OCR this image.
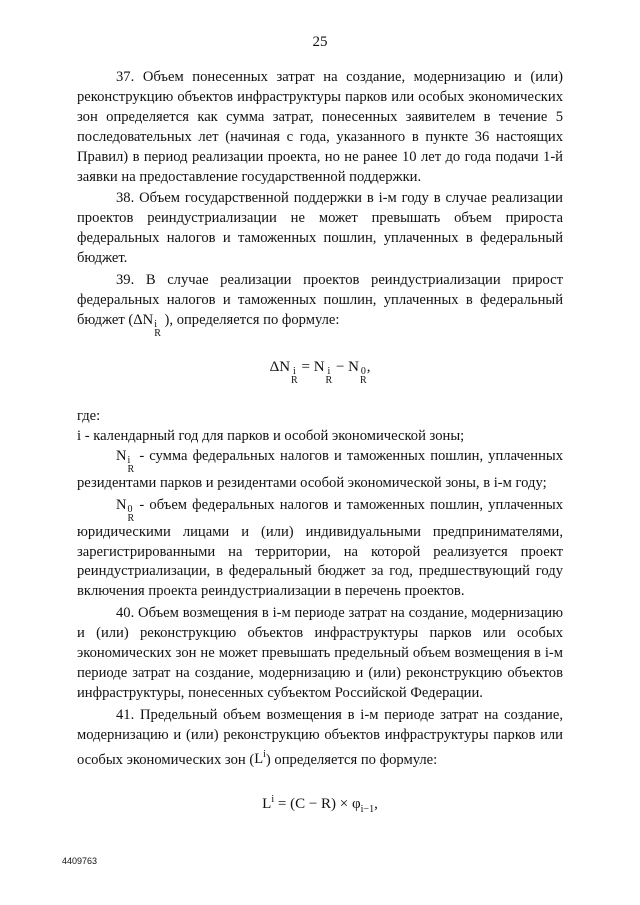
25

37. Объем понесенных затрат на создание, модернизацию и (или) реконструкцию объектов инфраструктуры парков или особых экономических зон определяется как сумма затрат, понесенных заявителем в течение 5 последовательных лет (начиная с года, указанного в пункте 36 настоящих Правил) в период реализации проекта, но не ранее 10 лет до года подачи 1-й заявки на предоставление государственной поддержки.

38. Объем государственной поддержки в i-м году в случае реализации проектов реиндустриализации не может превышать объем прироста федеральных налогов и таможенных пошлин, уплаченных в федеральный бюджет.

39. В случае реализации проектов реиндустриализации прирост федеральных налогов и таможенных пошлин, уплаченных в федеральный бюджет (ΔN i
R
), определяется по формуле:

ΔN i
R
= N i
R
− N 0
R
,

где:

i - календарный год для парков и особой экономической зоны;

N i
R
- сумма федеральных налогов и таможенных пошлин, уплаченных резидентами парков и резидентами особой экономической зоны, в i-м году;

N 0
R
- объем федеральных налогов и таможенных пошлин, уплаченных юридическими лицами и (или) индивидуальными предпринимателями, зарегистрированными на территории, на которой реализуется проект реиндустриализации, в федеральный бюджет за год, предшествующий году включения проекта реиндустриализации в перечень проектов.

40. Объем возмещения в i-м периоде затрат на создание, модернизацию и (или) реконструкцию объектов инфраструктуры парков или особых экономических зон не может превышать предельный объем возмещения в i-м периоде затрат на создание, модернизацию и (или) реконструкцию объектов инфраструктуры, понесенных субъектом Российской Федерации.

41. Предельный объем возмещения в i-м периоде затрат на создание, модернизацию и (или) реконструкцию объектов инфраструктуры парков или особых экономических зон $(L^i)$ определяется по формуле:

$L^i = (C - R) \times \varphi_{i-1}$,
4409763
